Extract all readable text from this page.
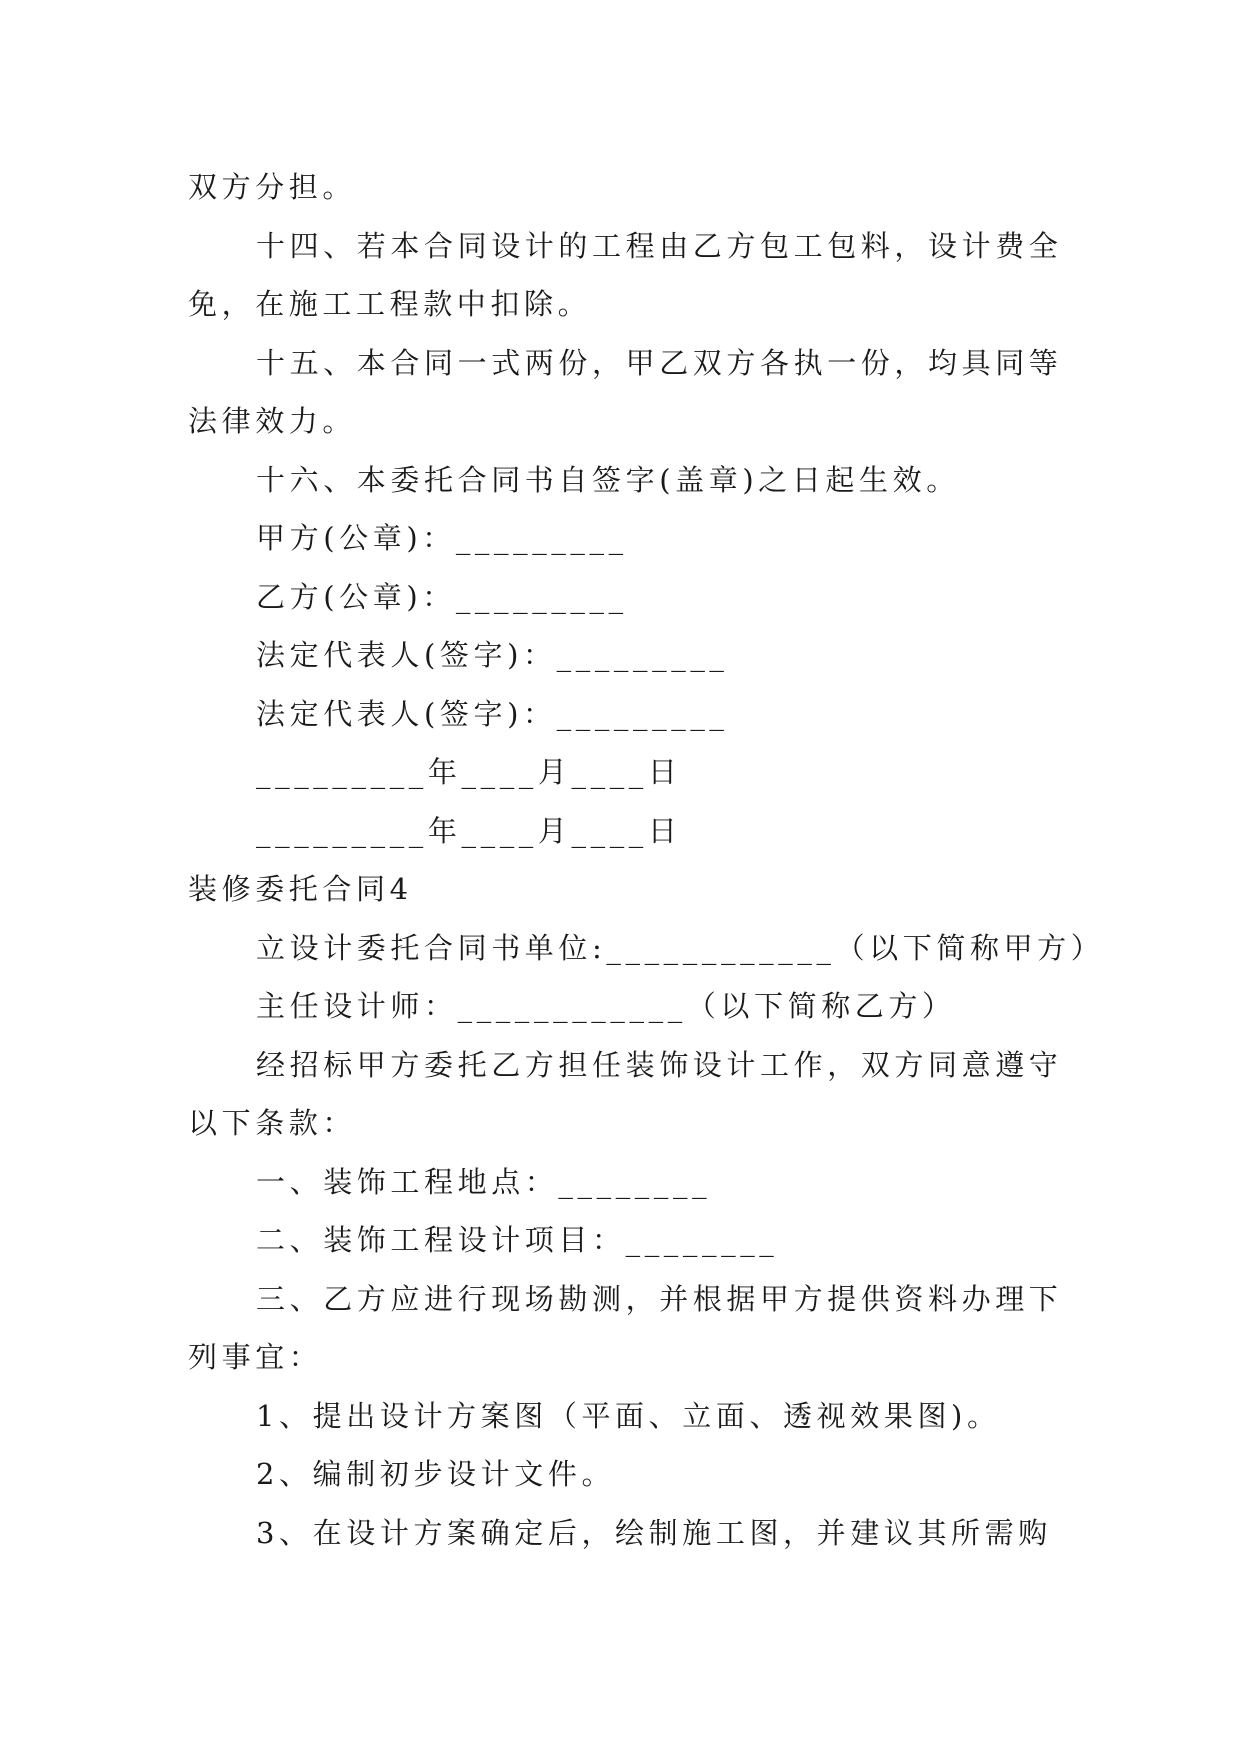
双方分担。
十四、若本合同设计的工程由乙方包工包料，设计费全
免，在施工工程款中扣除。
十五、本合同一式两份，甲乙双方各执一份，均具同等
法律效力。
十六、本委托合同书自签字(盖章)之日起生效。
甲方(公章)：_________
乙方(公章)：_________
法定代表人(签字)：_________
法定代表人(签字)：_________
_________年____月____日
_________年____月____日
装修委托合同4
立设计委托合同书单位:____________（以下简称甲方）
主任设计师：____________（以下简称乙方）
经招标甲方委托乙方担任装饰设计工作，双方同意遵守
以下条款：
一、装饰工程地点：________
二、装饰工程设计项目：________
三、乙方应进行现场勘测，并根据甲方提供资料办理下
列事宜：
1、提出设计方案图（平面、立面、透视效果图)。
2、编制初步设计文件。
3、在设计方案确定后，绘制施工图，并建议其所需购
